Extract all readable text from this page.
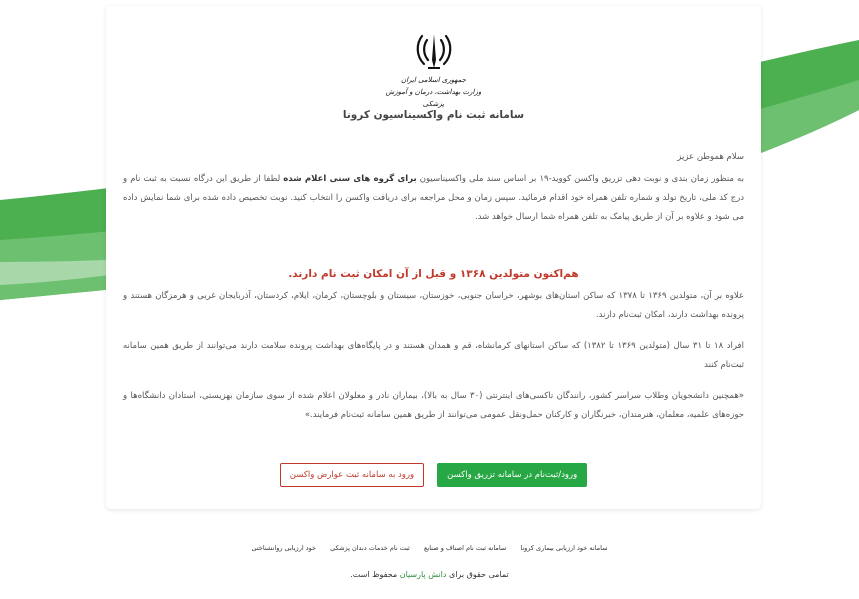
جمهوری اسلامی ایران
وزارت بهداشت، درمان و آموزش پزشکی
سامانه ثبت نام واکسیناسیون کرونا

سلام هموطن عزیز

به منظور زمان بندی و نوبت دهی تزریق واکسن کووید-۱۹ بر اساس سند ملی واکسیناسیون برای گروه های سنی اعلام شده لطفا از طریق این درگاه نسبت به ثبت نام و درج کد ملی، تاریخ تولد و شماره تلفن همراه خود اقدام فرمائید. سپس زمان و محل مراجعه برای دریافت واکسن را انتخاب کنید. نوبت تخصیص داده شده برای شما نمایش داده می شود و علاوه بر آن از طریق پیامک به تلفن همراه شما ارسال خواهد شد.

هم‌اکنون متولدین ۱۳۶۸ و قبل از آن امکان ثبت نام دارند.

علاوه بر آن، متولدین ۱۳۶۹ تا ۱۳۷۸ که ساکن استان‌های بوشهر، خراسان جنوبی، خوزستان، سیستان و بلوچستان، کرمان، ایلام، کردستان، آذربایجان غربی و هرمزگان هستند و پرونده بهداشت دارند، امکان ثبت‌نام دارند.

افراد ۱۸ تا ۳۱ سال (متولدین ۱۳۶۹ تا ۱۳۸۲) که ساکن استانهای کرمانشاه، قم و همدان هستند و در پایگاه‌های بهداشت پرونده سلامت دارند می‌توانند از طریق همین سامانه ثبت‌نام کنند

«همچنین دانشجویان وطلاب سراسر کشور، رانندگان تاکسی‌های اینترنتی (۳۰ سال به بالا)، بیماران نادر و معلولان اعلام شده از سوی سازمان بهزیستی، استادان دانشگاه‌ها و حوزه‌های علمیه، معلمان، هنرمندان، خبرنگاران و کارکنان حمل‌ونقل عمومی می‌توانند از طریق همین سامانه ثبت‌نام فرمایند.»

ورود/ثبت‌نام در سامانه تزریق واکسن
ورود به سامانه ثبت عوارض واکسن
سامانه خود ارزیابی بیماری کرونا سامانه ثبت نام اصناف و صنایع ثبت نام خدمات دندان پزشکی خود ارزیابی روانشناختی
تمامی حقوق برای دانش پارسیان محفوظ است.
